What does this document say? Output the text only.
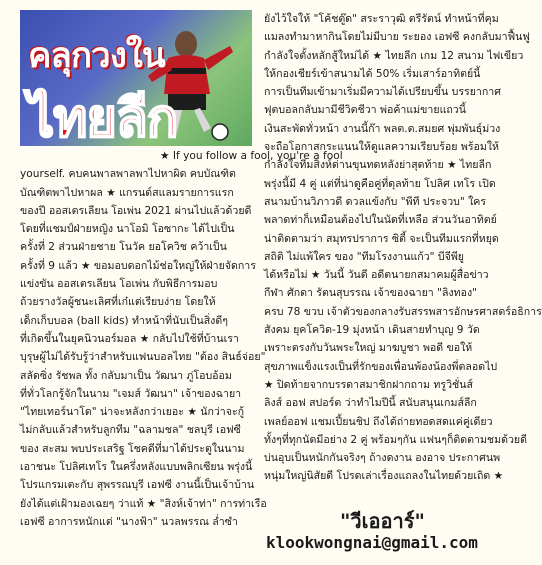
คลุกวงใน
ไทยลีก
★ If you follow a fool, you're a fool
yourself. คบคนพาลพาลพาไปหาผิด คบบัณฑิต
บัณฑิตพาไปหาผล ★ แกรนด์สแลมรายการแรก
ของปี ออสเตรเลียน โอเพ่น 2021 ผ่านไปแล้วด้วยดี
โดยที่แชมป์ฝ่ายหญิง นาโอมิ โอซากะ ได้ไปเป็น
ครั้งที่ 2 ส่วนฝ่ายชาย โนวัค ยอโควิช คว้าเป็น
ครั้งที่ 9 แล้ว ★ ขอมอบดอกไม้ช่อใหญ่ให้ฝ่ายจัดการ
แข่งขัน ออสเตรเลียน โอเพ่น กับพิธีการมอบ
ถ้วยรางวัลผู้ชนะเลิศที่เก๋แต่เรียบง่าย โดยให้
เด็กเก็บบอล (ball kids) ทำหน้าที่นับเป็นสิ่งดีๆ
ที่เกิดขึ้นในยุคนิวนอร์มอล ★ กลับไปใช้ที่บ้านเรา
บุรุษผู้ไม่ได้รับรู้ว่าสำหรับแฟนบอลไทย "ต้อง สินธ์จ่อย"
สลัดซิ่ง รัชพล ทั้ง กลับมาเป็น วัฒนา ภู่โอบอ้อม
ที่ทั่วโลกรู้จักในนาม "เจมส์ วัฒนา" เจ้าของฉายา
"ไทยเทอร์นาโด" น่าจะหลังกว่าเยอะ ★ นักว่าจะกู้
ไม่กลับแล้วสำหรับลูกทีม "ฉลามชล" ชลบุรี เอฟซี
ของ สะสม พบประเสริฐ โชคดีที่มาได้ประตูในนาม
เอาชนะ โปลิศเทโร ในครึ่งหลังแบบพลิกเซียน พรุ่งนี้
โปรแกรมเตะกับ สุพรรณบุรี เอฟซี งานนี้เป็นเจ้าบ้าน
ยังได้แต่เฝ้ามองเฉยๆ ว่าแท้ ★ "สิงห์เจ้าท่า" การท่าเรือ
เอฟซี อาการหนักแต่ "นางฟ้า" นวลพรรณ ล่ำซำ
ยังไว้ใจให้ "โค้ชตู๊ด" สระราวุฒิ ตรีรัตน์ ทำหน้าที่คุม
แมลงทำมาหากินโดยไม่มีบาย ระยอง เอฟซี คงกลับมาฟื้นฟู
กำลังใจตั้งหลักสู้ใหม่ได้ ★ ไทยลีก เกม 12 สนาม ไฟเขียว
ให้กองเชียร์เข้าสนามได้ 50% เริ่มเสาร์อาทิตย์นี้
การเป็นทีมเข้ามาเริ่มมีความได้เปรียบขึ้น บรรยากาศ
ฟุตบอลกลับมามีชีวิตชีวา พ่อค้าแม่ขายแถวนี้
เงินสะพัดทั่วหน้า งานนี้ก๊า พลต.ต.สมยศ พุ่มพันธุ์ม่วง
จะถือโอกาสกระแนนให้ดูแลความเรียบร้อย พร้อมให้
กำลังใจทีมสิงห์ด่านขุนทดหลังย่าสุดท้าย ★ ไทยลีก
พรุ่งนี้มี 4 คู่ แต่ที่น่าดูคือคู่ที่ดุลท้าย โปลิศ เทโร เปิด
สนามบ้านวิภาวดี ดวลแข้งกับ "พีที ประจวบ" ใคร
พลาดท่าก็เหมือนต้องไปในนัดที่เหลือ ส่วนวันอาทิตย์
น่าติดตามว่า สมุทรปราการ ซิตี้ จะเป็นทีมแรกที่หยุด
สถิติ ไม่แพ้ใคร ของ "ทีมโรงงานแก้ว" บีจีพียู
ได้หรือไม่ ★ วันนี้ วันดี อดีตนายกสมาคมผู้สื่อข่าว
กีฬา ศักดา รัตนสุบรรณ เจ้าของฉายา "ลิงทอง"
ครบ 78 ขวบ เจ้าตัวของกลางรับสรรพสารอักษรศาสตร์อธิการ
สังคม ยุคโควิด-19 มุ่งหน้า เดินสายทำบุญ 9 วัด
เพราะตรงกับวันพระใหญ่ มาฆบูชา พอดี ขอให้
สุขภาพแข็งแรงเป็นที่รักของเพื่อนพ้องน้องพี่ตลอดไป
★ ปิดท้ายจากบรรดาสมาชิกฝากถาม ทรูวิชั่นส์
ลิงส์ ออฟ สปอร์ต ว่าทำไมปีนี้ สนับสนุนเกมส์ลีก
เพลย์ออฟ แชมเปี้ยนชิป ถึงได้ถ่ายทอดสดแค่คู่เดียว
ทั้งๆที่ทุกนัดมีอย่าง 2 คู่ พร้อมๆกัน แฟนๆก็ติดตามชมด้วยดี
บ่นอุบเป็นหนักกันจริงๆ ถ้างดงาน องอาจ ประกาศนพ
หนุ่มใหญ่นิสัยดี โปรดเล่าเรื่องแถลงในไทยด้วยเถิด ★
"วีเออาร์"
klookwongnai@gmail.com
